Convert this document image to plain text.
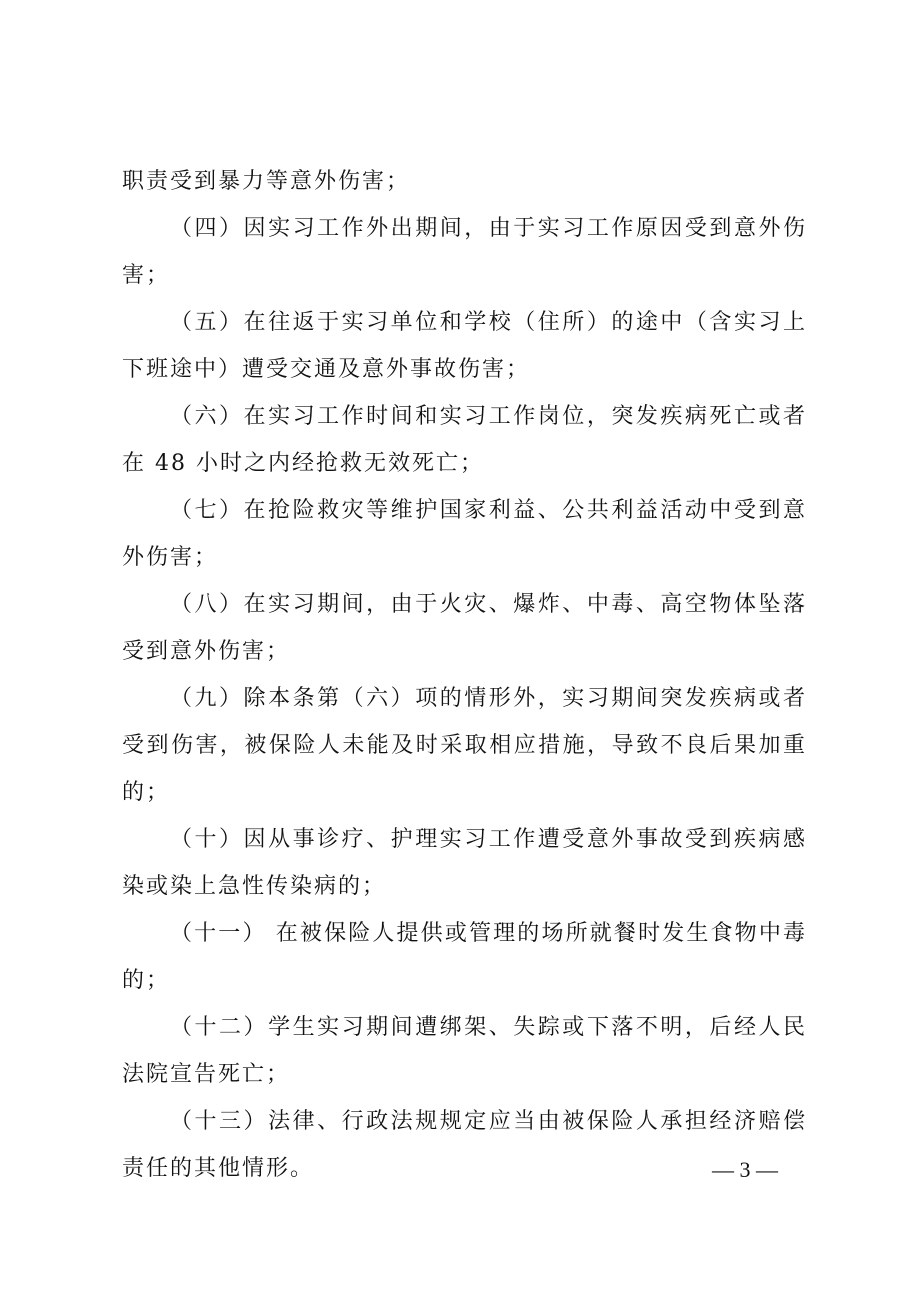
职责受到暴力等意外伤害；

（四）因实习工作外出期间，由于实习工作原因受到意外伤害；

（五）在往返于实习单位和学校（住所）的途中（含实习上下班途中）遭受交通及意外事故伤害；

（六）在实习工作时间和实习工作岗位，突发疾病死亡或者在 48 小时之内经抢救无效死亡；

（七）在抢险救灾等维护国家利益、公共利益活动中受到意外伤害；

（八）在实习期间，由于火灾、爆炸、中毒、高空物体坠落受到意外伤害；

（九）除本条第（六）项的情形外，实习期间突发疾病或者受到伤害，被保险人未能及时采取相应措施，导致不良后果加重的；

（十）因从事诊疗、护理实习工作遭受意外事故受到疾病感染或染上急性传染病的；

（十一） 在被保险人提供或管理的场所就餐时发生食物中毒的；

（十二）学生实习期间遭绑架、失踪或下落不明，后经人民法院宣告死亡；

（十三）法律、行政法规规定应当由被保险人承担经济赔偿责任的其他情形。	— 3 —
